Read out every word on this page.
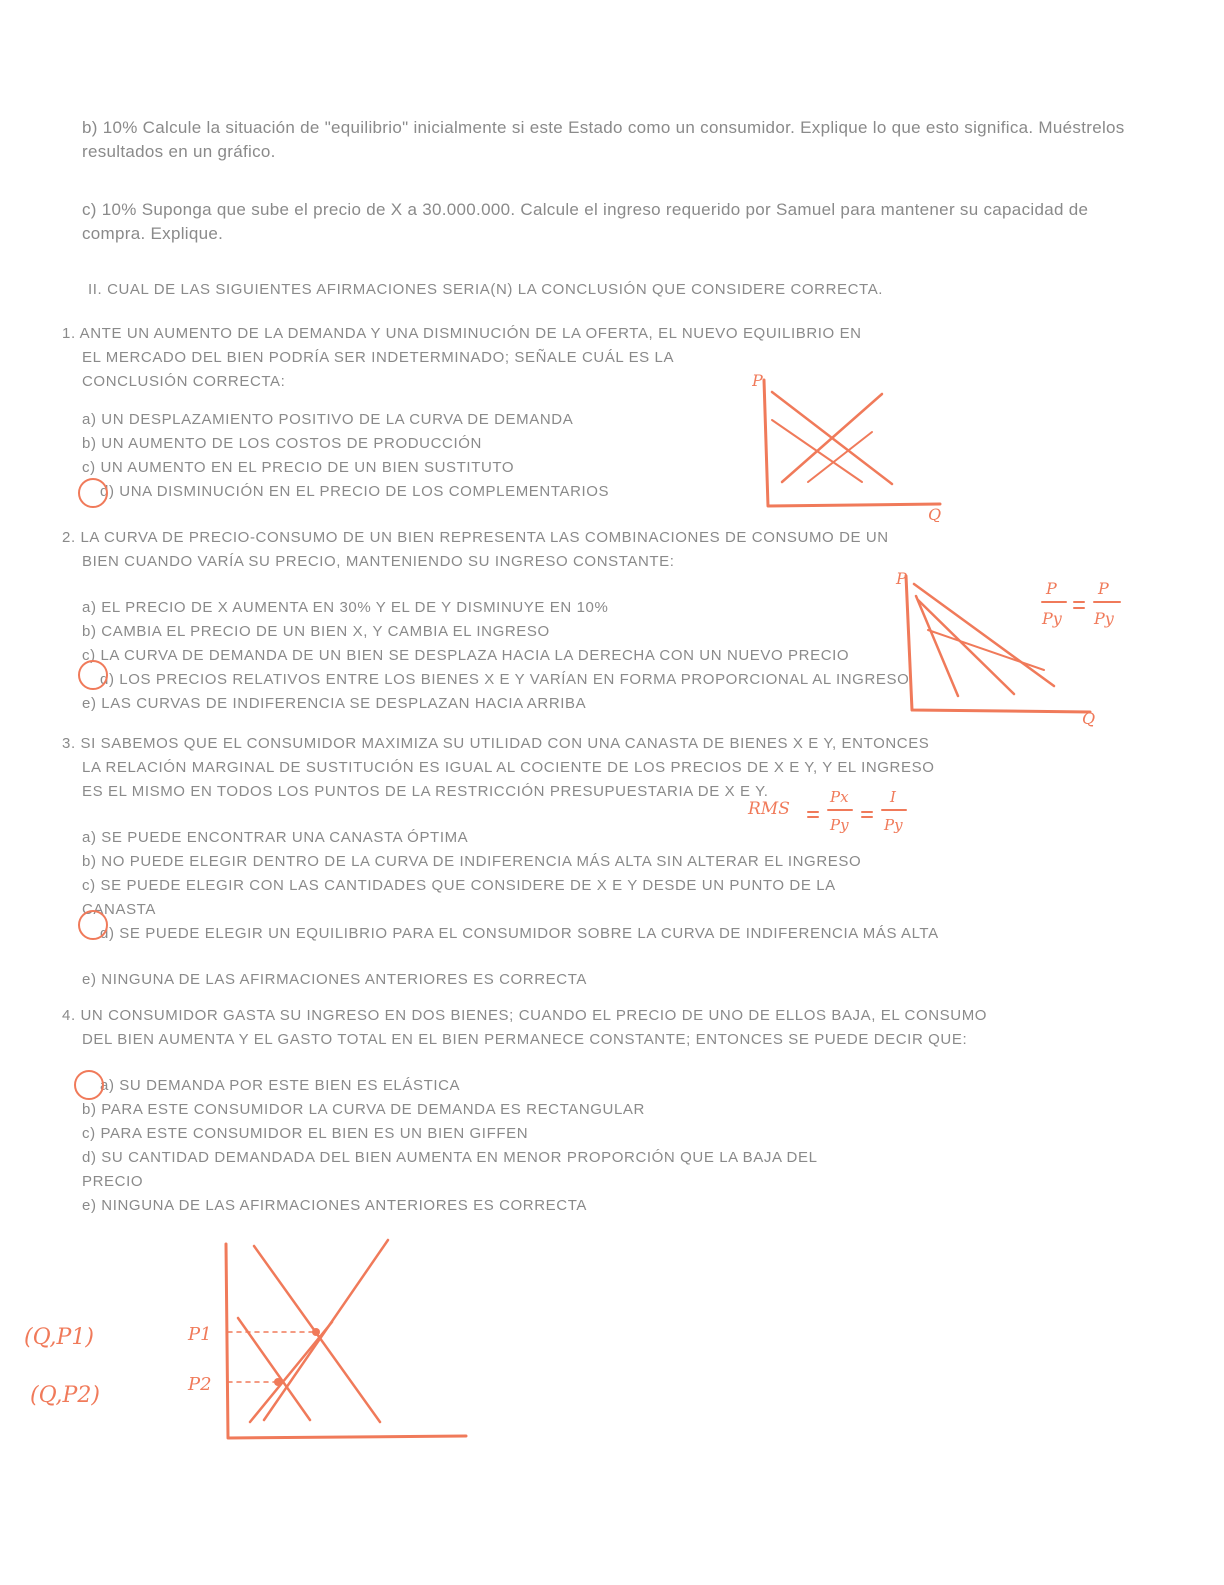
b) 10% Calcule la situación de "equilibrio" inicialmente si este Estado como un consumidor. Explique lo que esto significa. Muéstrelos resultados en un gráfico.
c) 10% Suponga que sube el precio de X a 30.000.000. Calcule el ingreso requerido por Samuel para mantener su capacidad de compra. Explique.
II. CUAL DE LAS SIGUIENTES AFIRMACIONES SERIA(N) LA CONCLUSIÓN QUE CONSIDERE CORRECTA.
1. ANTE UN AUMENTO DE LA DEMANDA Y UNA DISMINUCIÓN DE LA OFERTA, EL NUEVO EQUILIBRIO EN
EL MERCADO DEL BIEN PODRÍA SER INDETERMINADO; SEÑALE CUÁL ES LA
CONCLUSIÓN CORRECTA:
a) UN DESPLAZAMIENTO POSITIVO DE LA CURVA DE DEMANDA
b) UN AUMENTO DE LOS COSTOS DE PRODUCCIÓN
c) UN AUMENTO EN EL PRECIO DE UN BIEN SUSTITUTO
d) UNA DISMINUCIÓN EN EL PRECIO DE LOS COMPLEMENTARIOS
2. LA CURVA DE PRECIO-CONSUMO DE UN BIEN REPRESENTA LAS COMBINACIONES DE CONSUMO DE UN
BIEN CUANDO VARÍA SU PRECIO, MANTENIENDO SU INGRESO CONSTANTE:
a) EL PRECIO DE X AUMENTA EN 30% Y EL DE Y DISMINUYE EN 10%
b) CAMBIA EL PRECIO DE UN BIEN X, Y CAMBIA EL INGRESO
c) LA CURVA DE DEMANDA DE UN BIEN SE DESPLAZA HACIA LA DERECHA CON UN NUEVO PRECIO
d) LOS PRECIOS RELATIVOS ENTRE LOS BIENES X E Y VARÍAN EN FORMA PROPORCIONAL AL INGRESO
e) LAS CURVAS DE INDIFERENCIA SE DESPLAZAN HACIA ARRIBA
3. SI SABEMOS QUE EL CONSUMIDOR MAXIMIZA SU UTILIDAD CON UNA CANASTA DE BIENES X E Y, ENTONCES
LA RELACIÓN MARGINAL DE SUSTITUCIÓN ES IGUAL AL COCIENTE DE LOS PRECIOS DE X E Y, Y EL INGRESO
ES EL MISMO EN TODOS LOS PUNTOS DE LA RESTRICCIÓN PRESUPUESTARIA DE X E Y.
a) SE PUEDE ENCONTRAR UNA CANASTA ÓPTIMA
b) NO PUEDE ELEGIR DENTRO DE LA CURVA DE INDIFERENCIA MÁS ALTA SIN ALTERAR EL INGRESO
c) SE PUEDE ELEGIR CON LAS CANTIDADES QUE CONSIDERE DE X E Y DESDE UN PUNTO DE LA
CANASTA
d) SE PUEDE ELEGIR UN EQUILIBRIO PARA EL CONSUMIDOR SOBRE LA CURVA DE INDIFERENCIA MÁS ALTA
e) NINGUNA DE LAS AFIRMACIONES ANTERIORES ES CORRECTA
4. UN CONSUMIDOR GASTA SU INGRESO EN DOS BIENES; CUANDO EL PRECIO DE UNO DE ELLOS BAJA, EL CONSUMO
DEL BIEN AUMENTA Y EL GASTO TOTAL EN EL BIEN PERMANECE CONSTANTE; ENTONCES SE PUEDE DECIR QUE:
a) SU DEMANDA POR ESTE BIEN ES ELÁSTICA
b) PARA ESTE CONSUMIDOR LA CURVA DE DEMANDA ES RECTANGULAR
c) PARA ESTE CONSUMIDOR EL BIEN ES UN BIEN GIFFEN
d) SU CANTIDAD DEMANDADA DEL BIEN AUMENTA EN MENOR PROPORCIÓN QUE LA BAJA DEL
PRECIO
e) NINGUNA DE LAS AFIRMACIONES ANTERIORES ES CORRECTA
P
Q
P
Q
P
Py
P
Py
RMS
Px
Py
I
Py
P1
P2
(Q,P1)
(Q,P2)
